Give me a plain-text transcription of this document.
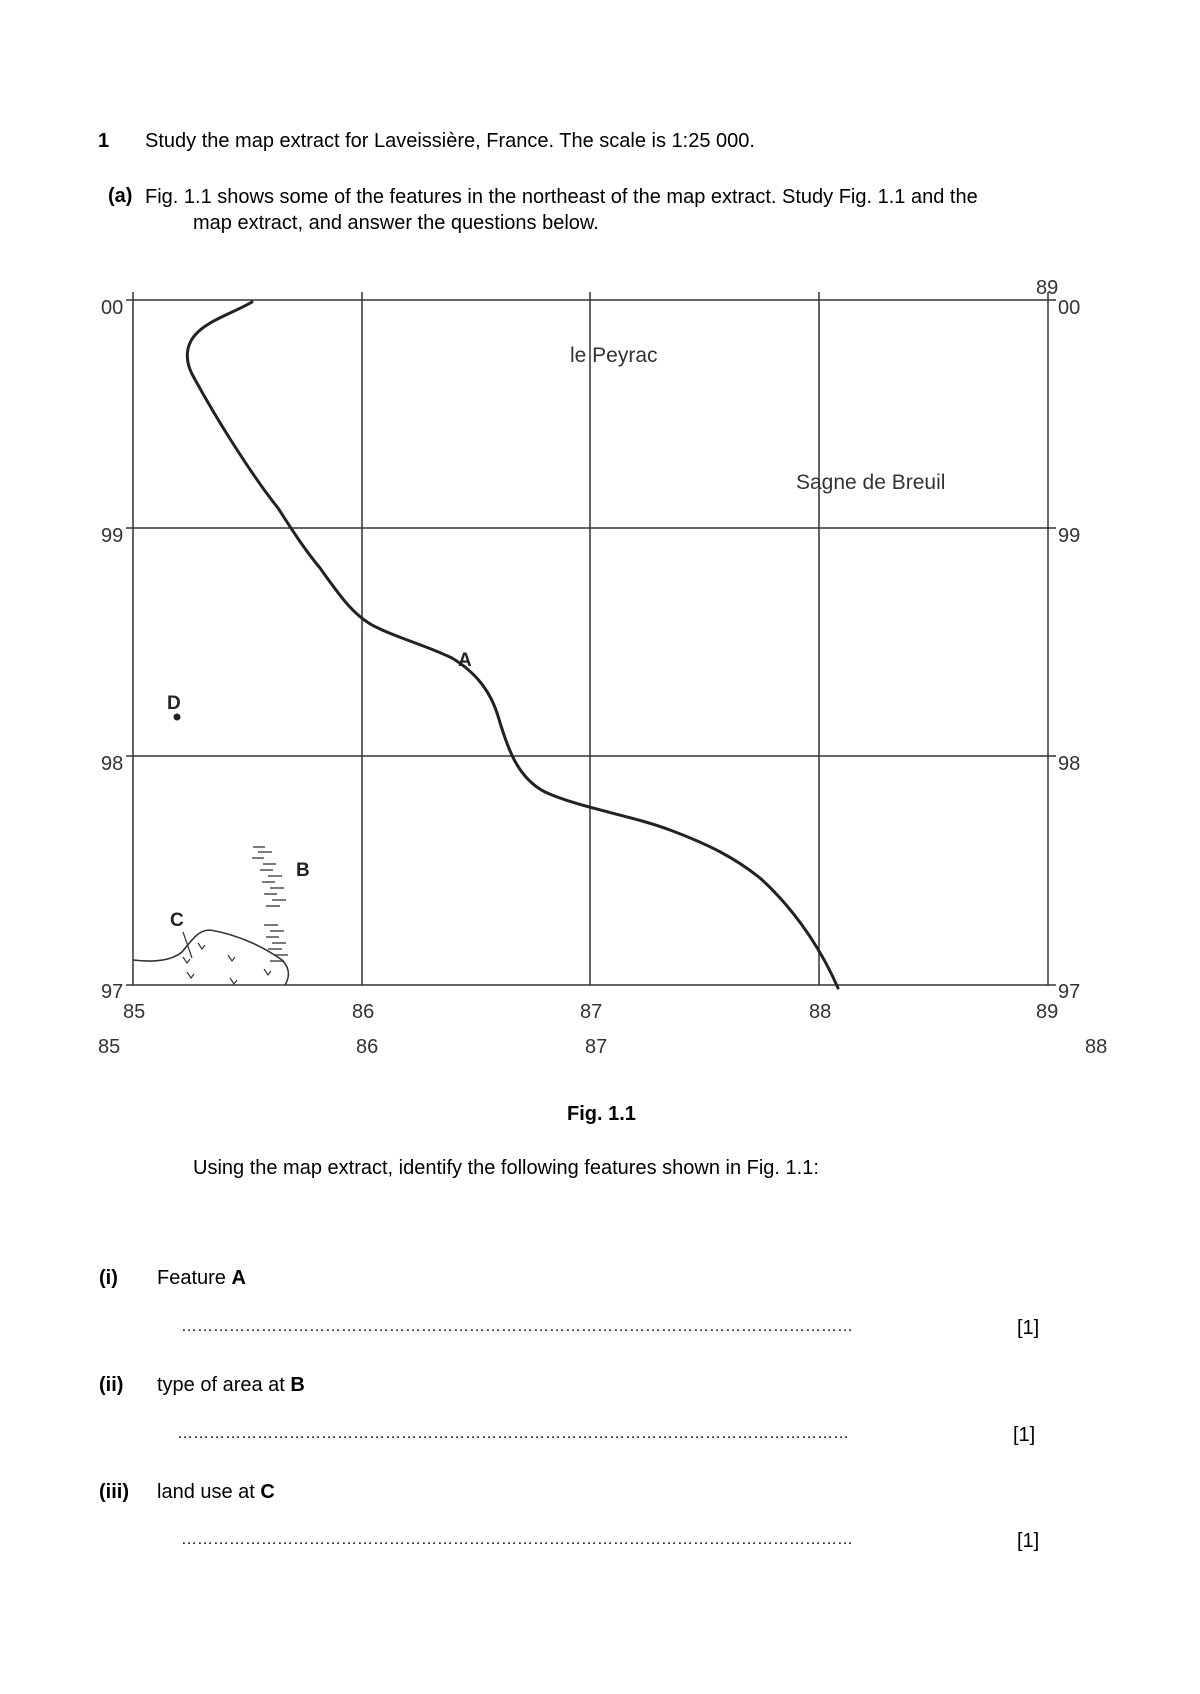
1 Study the map extract for Laveissière, France. The scale is 1:25 000.
(a) Fig. 1.1 shows some of the features in the northeast of the map extract. Study Fig. 1.1 and the
map extract, and answer the questions below.
00
99
98
97
00
99
98
97
89
85	86	87	88	89
85	86	87	88
le Peyrac
Sagne de Breuil
A
B
C
D
Fig. 1.1
Using the map extract, identify the following features shown in Fig. 1.1:
(i) Feature A
………………………………………………………………………………………………………………	[1]
(ii) type of area at B
………………………………………………………………………………………………………………	[1]
(iii) land use at C
………………………………………………………………………………………………………………	[1]
